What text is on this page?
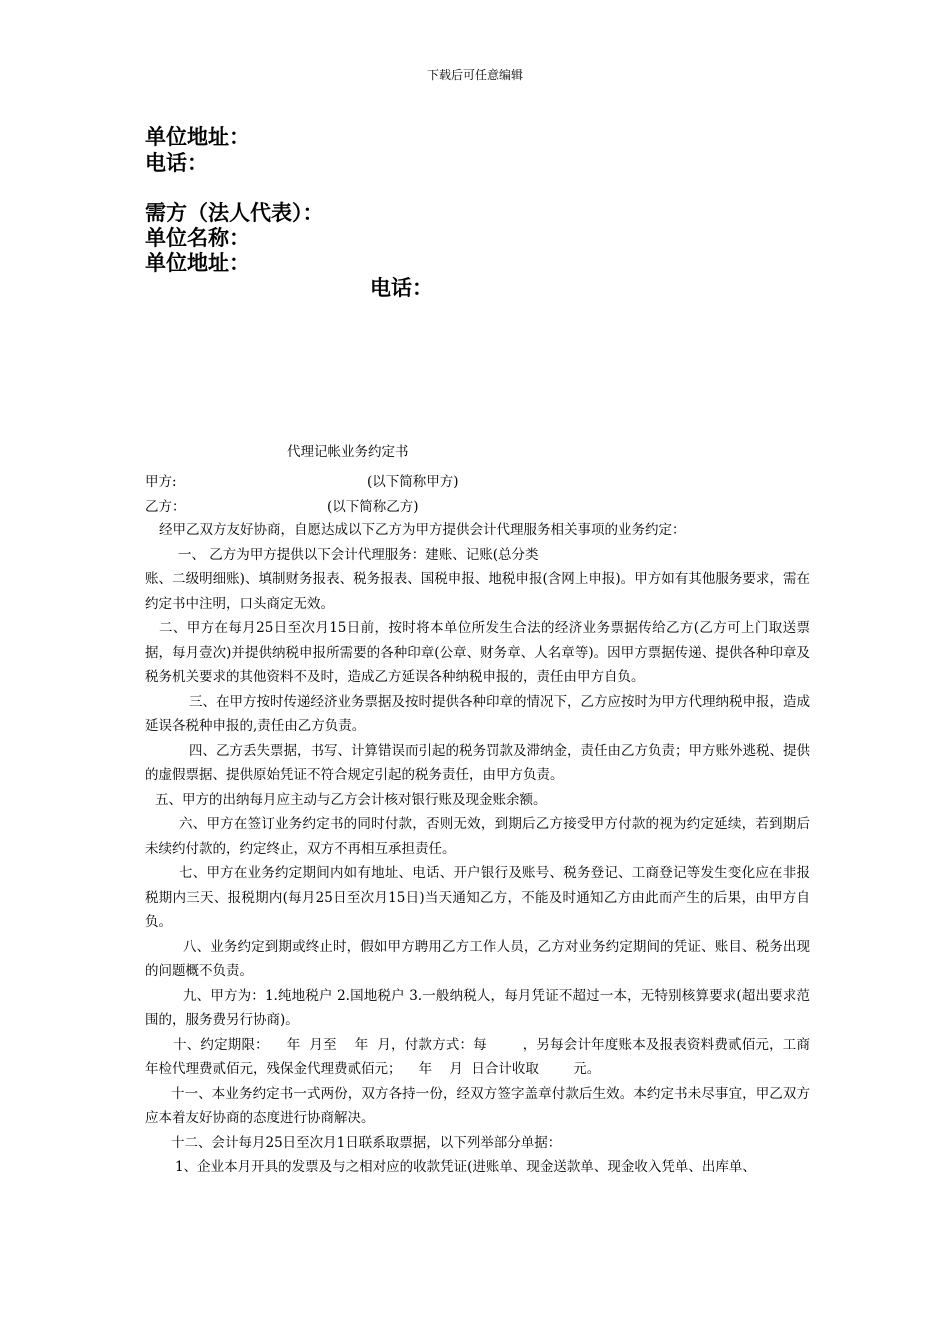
下载后可任意编辑
单位地址：
电话：
需方（法人代表）：
单位名称：
单位地址：
电话：
代理记帐业务约定书
甲方:	(以下简称甲方)
乙方：	(以下简称乙方)

经甲乙双方友好协商，自愿达成以下乙方为甲方提供会计代理服务相关事项的业务约定：

一、 乙方为甲方提供以下会计代理服务：建账、记账(总分类

账、二级明细账)、填制财务报表、税务报表、国税申报、地税申报(含网上申报)。甲方如有其他服务要求，需在约定书中注明，口头商定无效。

二、甲方在每月25日至次月15日前，按时将本单位所发生合法的经济业务票据传给乙方(乙方可上门取送票据，每月壹次)并提供纳税申报所需要的各种印章(公章、财务章、人名章等)。因甲方票据传递、提供各种印章及税务机关要求的其他资料不及时，造成乙方延误各种纳税申报的，责任由甲方自负。

三、在甲方按时传递经济业务票据及按时提供各种印章的情况下，乙方应按时为甲方代理纳税申报，造成延误各税种申报的,责任由乙方负责。

四、乙方丢失票据，书写、计算错误而引起的税务罚款及滞纳金，责任由乙方负责；甲方账外逃税、提供的虚假票据、提供原始凭证不符合规定引起的税务责任，由甲方负责。

五、甲方的出纳每月应主动与乙方会计核对银行账及现金账余额。

六、甲方在签订业务约定书的同时付款，否则无效，到期后乙方接受甲方付款的视为约定延续，若到期后未续约付款的，约定终止，双方不再相互承担责任。

七、甲方在业务约定期间内如有地址、电话、开户银行及账号、税务登记、工商登记等发生变化应在非报税期内三天、报税期内(每月25日至次月15日)当天通知乙方，不能及时通知乙方由此而产生的后果，由甲方自负。

八、业务约定到期或终止时，假如甲方聘用乙方工作人员，乙方对业务约定期间的凭证、账目、税务出现的问题概不负责。

九、甲方为：1.纯地税户 2.国地税户 3.一般纳税人，每月凭证不超过一本，无特别核算要求(超出要求范围的，服务费另行协商)。

十、约定期限：    年  月至    年  月，付款方式：每        ，另每会计年度账本及报表资料费贰佰元，工商年检代理费贰佰元，残保金代理费贰佰元；    年    月  日合计收取        元。

十一、本业务约定书一式两份，双方各持一份，经双方签字盖章付款后生效。本约定书未尽事宜，甲乙双方应本着友好协商的态度进行协商解决。

十二、会计每月25日至次月1日联系取票据，以下列举部分单据：

1、企业本月开具的发票及与之相对应的收款凭证(进账单、现金送款单、现金收入凭单、出库单、
